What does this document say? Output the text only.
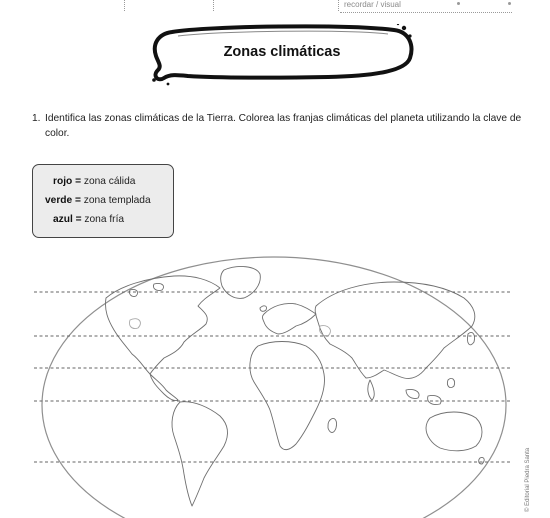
recordar / visual
Zonas climáticas
1. Identifica las zonas climáticas de la Tierra. Colorea las franjas climáticas del planeta utilizando la clave de color.
rojo = zona cálida
verde = zona templada
azul = zona fría
© Editorial Piedra Santa
